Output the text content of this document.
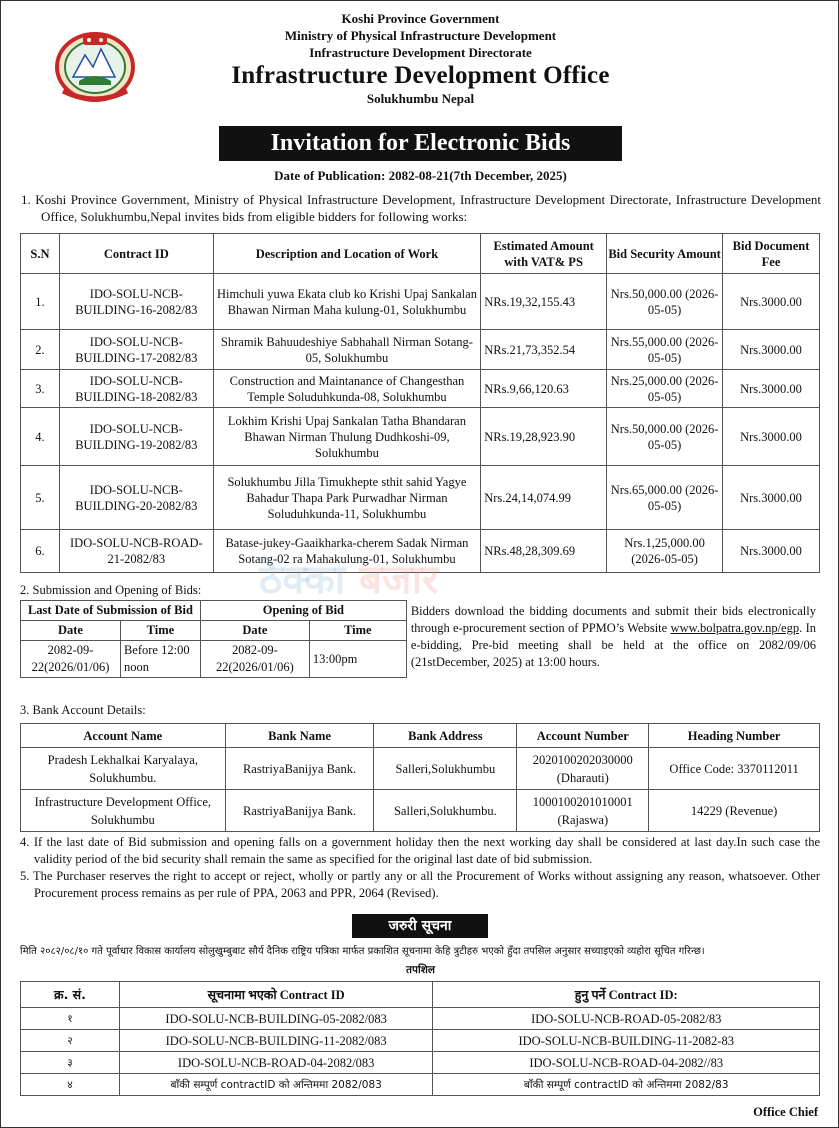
Koshi Province Government
Ministry of Physical Infrastructure Development
Infrastructure Development Directorate
Infrastructure Development Office
Solukhumbu Nepal
Invitation for Electronic Bids
Date of Publication: 2082-08-21(7th December, 2025)

1. Koshi Province Government, Ministry of Physical Infrastructure Development, Infrastructure Development Directorate, Infrastructure Development Office, Solukhumbu,Nepal invites bids from eligible bidders for following works:

S.N	Contract ID	Description and Location of Work	Estimated Amount with VAT& PS	Bid Security Amount	Bid Document Fee
1.	IDO-SOLU-NCB-BUILDING-16-2082/83	Himchuli yuwa Ekata club ko Krishi Upaj Sankalan Bhawan Nirman Maha kulung-01, Solukhumbu	NRs.19,32,155.43	Nrs.50,000.00 (2026-05-05)	Nrs.3000.00
2.	IDO-SOLU-NCB-BUILDING-17-2082/83	Shramik Bahuudeshiye Sabhahall Nirman Sotang-05, Solukhumbu	NRs.21,73,352.54	Nrs.55,000.00 (2026-05-05)	Nrs.3000.00
3.	IDO-SOLU-NCB-BUILDING-18-2082/83	Construction and Maintanance of Changesthan Temple Soluduhkunda-08, Solukhumbu	NRs.9,66,120.63	Nrs.25,000.00 (2026-05-05)	Nrs.3000.00
4.	IDO-SOLU-NCB-BUILDING-19-2082/83	Lokhim Krishi Upaj Sankalan Tatha Bhandaran Bhawan Nirman Thulung Dudhkoshi-09, Solukhumbu	NRs.19,28,923.90	Nrs.50,000.00 (2026-05-05)	Nrs.3000.00
5.	IDO-SOLU-NCB-BUILDING-20-2082/83	Solukhumbu Jilla Timukhepte sthit sahid Yagye Bahadur Thapa Park Purwadhar Nirman Soluduhkunda-11, Solukhumbu	Nrs.24,14,074.99	Nrs.65,000.00 (2026-05-05)	Nrs.3000.00
6.	IDO-SOLU-NCB-ROAD-21-2082/83	Batase-jukey-Gaaikharka-cherem Sadak Nirman Sotang-02 ra Mahakulung-01, Solukhumbu	NRs.48,28,309.69	Nrs.1,25,000.00 (2026-05-05)	Nrs.3000.00
ठेक्का बजार
2. Submission and Opening of Bids:
Last Date of Submission of Bid		Opening of Bid		Bidders download the bidding documents and submit their bids electronically through e-procurement section of PPMO’s Website www.bolpatra.gov.np/egp. In e-bidding, Pre-bid meeting shall be held at the office on 2082/09/06 (21stDecember, 2025) at 13:00 hours.
Date	Time	Date	Time	
2082-09-22(2026/01/06)	Before 12:00 noon	2082-09-22(2026/01/06)	13:00pm	
3. Bank Account Details:
Account Name	Bank Name	Bank Address	Account Number	Heading Number
Pradesh Lekhalkai Karyalaya, Solukhumbu.	RastriyaBanijya Bank.	Salleri,Solukhumbu	2020100202030000 (Dharauti)	Office Code: 3370112011
Infrastructure Development Office, Solukhumbu	RastriyaBanijya Bank.	Salleri,Solukhumbu.	1000100201010001 (Rajaswa)	14229 (Revenue)

4. If the last date of Bid submission and opening falls on a government holiday then the next working day shall be considered at last day.In such case the validity period of the bid security shall remain the same as specified for the original last date of bid submission.

5. The Purchaser reserves the right to accept or reject, wholly or partly any or all the Procurement of Works without assigning any reason, whatsoever. Other Procurement process remains as per rule of PPA, 2063 and PPR, 2064 (Revised).

जरुरी सूचना
मिति २०८२/०८/१० गते पूर्वाधार विकास कार्यालय सोलुखुम्बुबाट सौर्य दैनिक राष्ट्रिय पत्रिका मार्फत प्रकाशित सूचनामा केहि त्रुटीहरु भएको हुँदा तपसिल अनुसार सच्याइएको व्यहोरा सूचित गरिन्छ।
तपशिल
क्र. सं.	सूचनामा भएको Contract ID	हुनु पर्ने Contract ID:
१	IDO-SOLU-NCB-BUILDING-05-2082/083	IDO-SOLU-NCB-ROAD-05-2082/83
२	IDO-SOLU-NCB-BUILDING-11-2082/083	IDO-SOLU-NCB-BUILDING-11-2082-83
३	IDO-SOLU-NCB-ROAD-04-2082/083	IDO-SOLU-NCB-ROAD-04-2082//83
४	बाँकी सम्पूर्ण contractID को अन्तिममा 2082/083	बाँकी सम्पूर्ण contractID को अन्तिममा 2082/83
Office Chief
